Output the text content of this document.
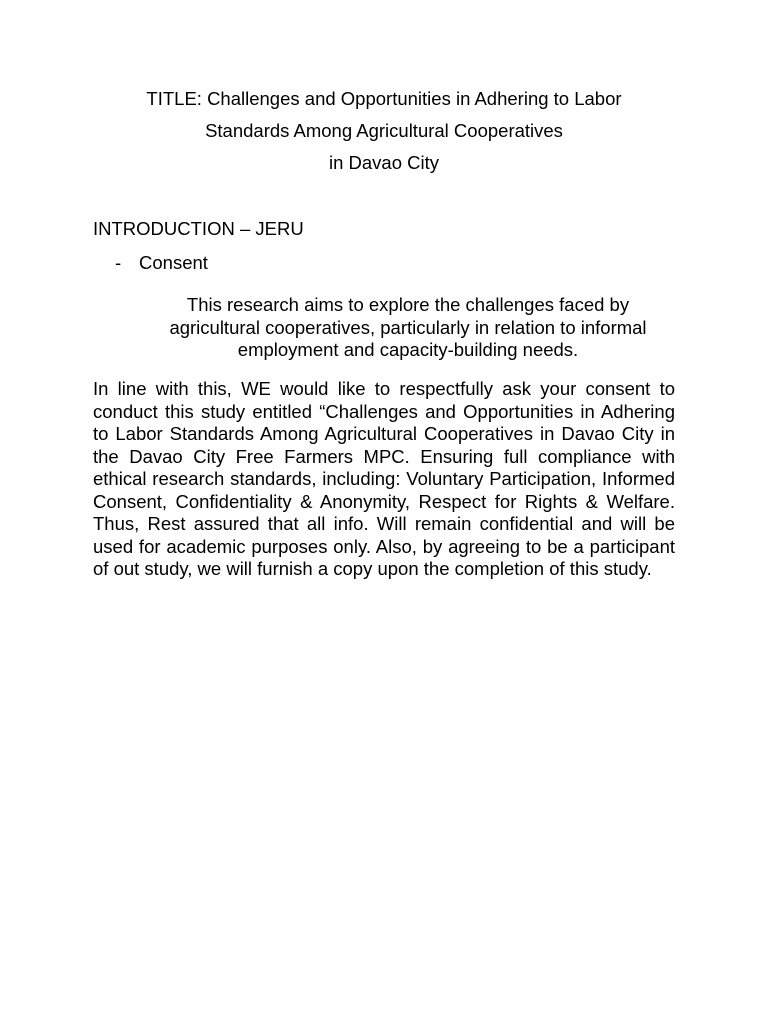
TITLE: Challenges and Opportunities in Adhering to Labor
Standards Among Agricultural Cooperatives
in Davao City
INTRODUCTION – JERU
- Consent

This research aims to explore the challenges faced by agricultural cooperatives, particularly in relation to informal employment and capacity-building needs.

In line with this, WE would like to respectfully ask your consent to conduct this study entitled “Challenges and Opportunities in Adhering to Labor Standards Among Agricultural Cooperatives in Davao City in the Davao City Free Farmers MPC. Ensuring full compliance with ethical research standards, including: Voluntary Participation, Informed Consent, Confidentiality & Anonymity, Respect for Rights & Welfare. Thus, Rest assured that all info. Will remain confidential and will be used for academic purposes only. Also, by agreeing to be a participant of out study, we will furnish a copy upon the completion of this study.
